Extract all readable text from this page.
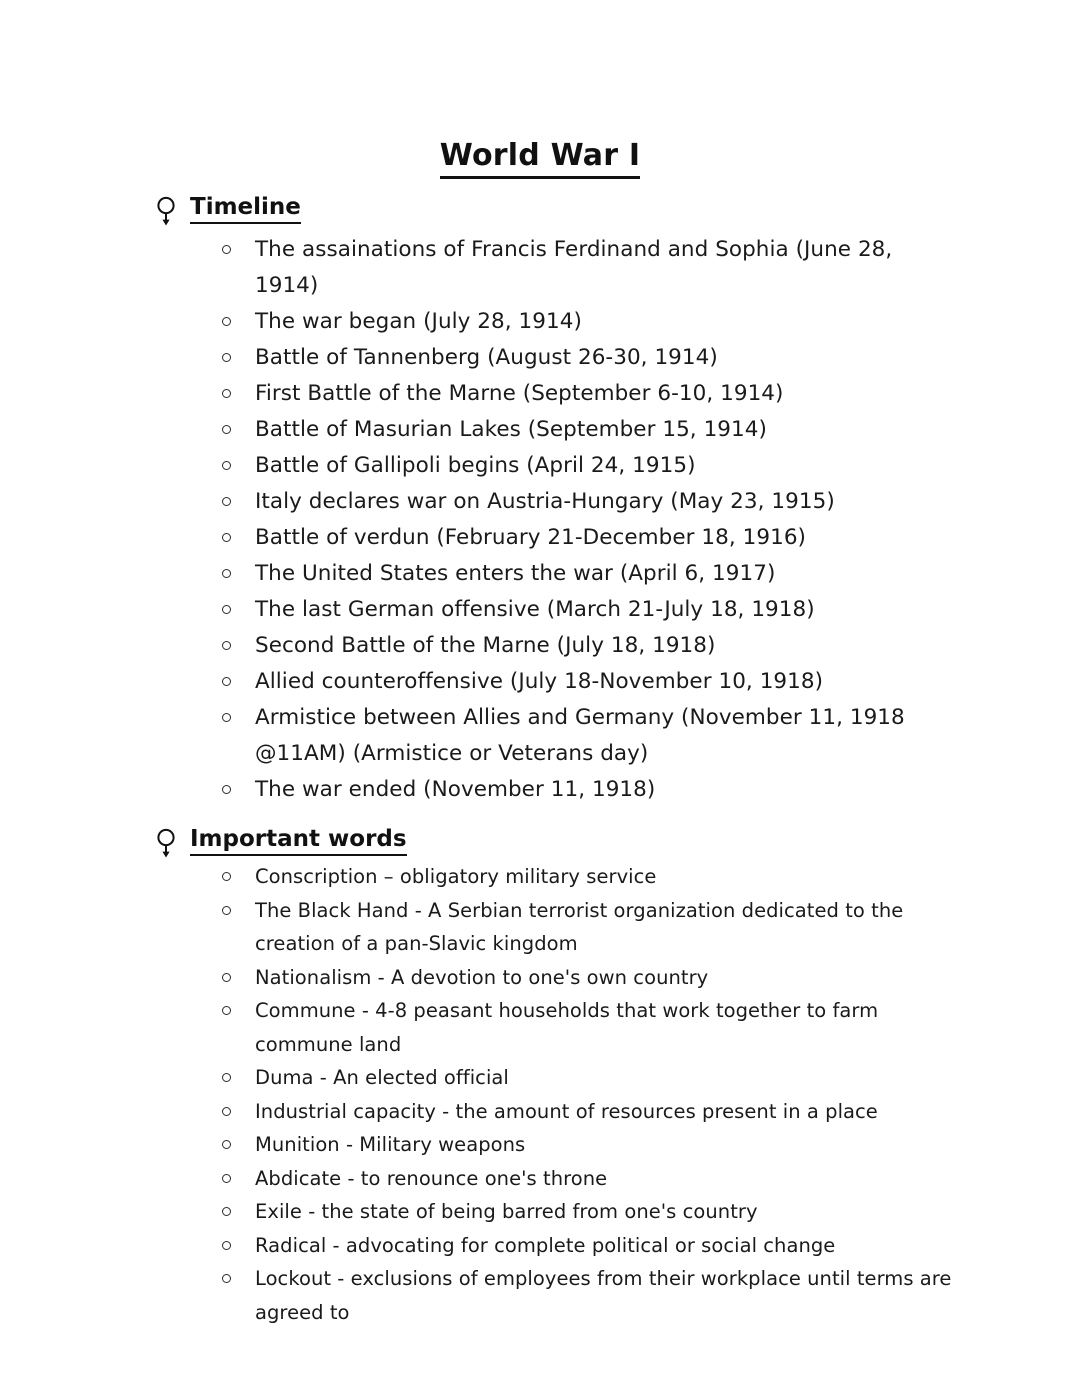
World War I
Timeline
The assainations of Francis Ferdinand and Sophia (June 28, 1914)
The war began (July 28, 1914)
Battle of Tannenberg (August 26-30, 1914)
First Battle of the Marne (September 6-10, 1914)
Battle of Masurian Lakes (September 15, 1914)
Battle of Gallipoli begins (April 24, 1915)
Italy declares war on Austria-Hungary (May 23, 1915)
Battle of verdun (February 21-December 18, 1916)
The United States enters the war (April 6, 1917)
The last German offensive (March 21-July 18, 1918)
Second Battle of the Marne (July 18, 1918)
Allied counteroffensive (July 18-November 10, 1918)
Armistice between Allies and Germany (November 11, 1918 @11AM) (Armistice or Veterans day)
The war ended (November 11, 1918)
Important words
Conscription – obligatory military service
The Black Hand - A Serbian terrorist organization dedicated to the creation of a pan-Slavic kingdom
Nationalism - A devotion to one's own country
Commune - 4-8 peasant households that work together to farm commune land
Duma - An elected official
Industrial capacity - the amount of resources present in a place
Munition - Military weapons
Abdicate - to renounce one's throne
Exile - the state of being barred from one's country
Radical - advocating for complete political or social change
Lockout - exclusions of employees from their workplace until terms are agreed to
